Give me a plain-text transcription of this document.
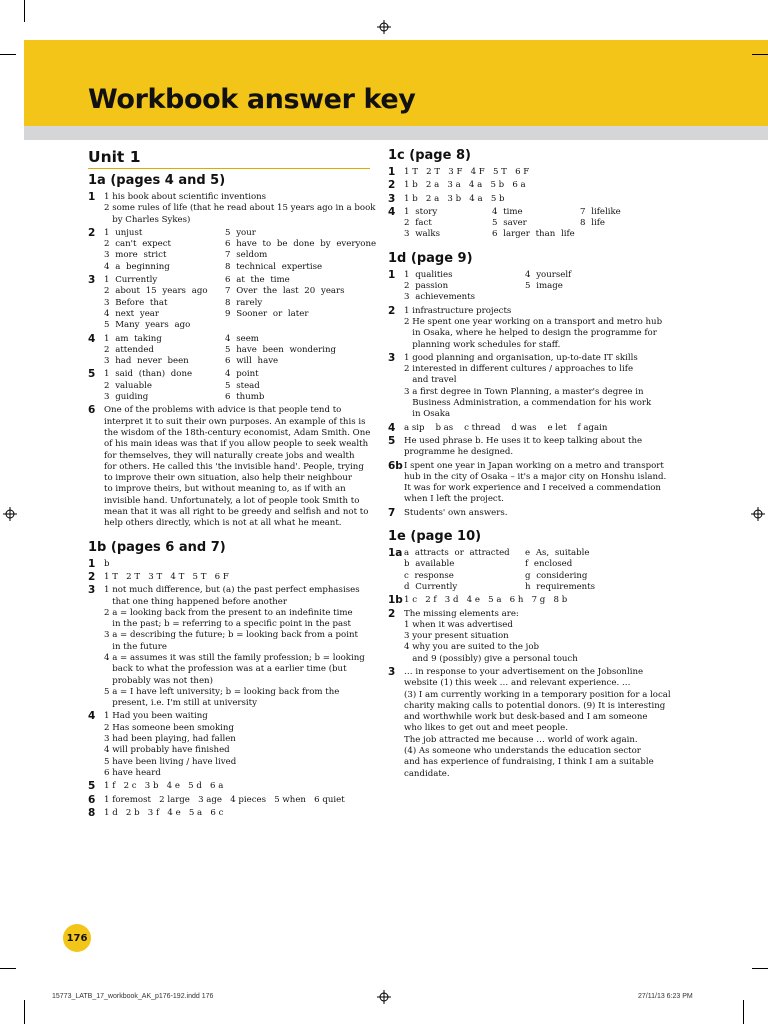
Workbook answer key
Unit 1
1a (pages 4 and 5)
1	1 his book about scientific inventions
2 some rules of life (that he read about 15 years ago in a book
by Charles Sykes)
2	1 unjust	5 your
2 can't expect	6 have to be done by everyone
3 more strict	7 seldom
4 a beginning	8 technical expertise
3	1 Currently	6 at the time
2 about 15 years ago	7 Over the last 20 years
3 Before that	8 rarely
4 next year	9 Sooner or later
5 Many years ago
4	1 am taking	4 seem
2 attended	5 have been wondering
3 had never been	6 will have
5	1 said (than) done	4 point
2 valuable	5 stead
3 guiding	6 thumb
6	One of the problems with advice is that people tend to
interpret it to suit their own purposes. An example of this is
the wisdom of the 18th-century economist, Adam Smith. One
of his main ideas was that if you allow people to seek wealth
for themselves, they will naturally create jobs and wealth
for others. He called this 'the invisible hand'. People, trying
to improve their own situation, also help their neighbour
to improve theirs, but without meaning to, as if with an
invisible hand. Unfortunately, a lot of people took Smith to
mean that it was all right to be greedy and selfish and not to
help others directly, which is not at all what he meant.
1b (pages 6 and 7)
1	b
2	1 T   2 T   3 T   4 T   5 T   6 F
3	1 not much difference, but (a) the past perfect emphasises
that one thing happened before another
2 a = looking back from the present to an indefinite time
in the past; b = referring to a specific point in the past
3 a = describing the future; b = looking back from a point
in the future
4 a = assumes it was still the family profession; b = looking
back to what the profession was at a earlier time (but
probably was not then)
5 a = I have left university; b = looking back from the
present, i.e. I'm still at university
4	1 Had you been waiting
2 Has someone been smoking
3 had been playing, had fallen
4 will probably have finished
5 have been living / have lived
6 have heard
5	1 f   2 c   3 b   4 e   5 d   6 a
6	1 foremost   2 large   3 age   4 pieces   5 when   6 quiet
8	1 d   2 b   3 f   4 e   5 a   6 c
1c (page 8)
1	1 T   2 T   3 F   4 F   5 T   6 F
2	1 b   2 a   3 a   4 a   5 b   6 a
3	1 b   2 a   3 b   4 a   5 b
4	1 story	4 time	7 lifelike
2 fact	5 saver	8 life
3 walks	6 larger than life
1d (page 9)
1	1 qualities	4 yourself
2 passion	5 image
3 achievements
2	1 infrastructure projects
2 He spent one year working on a transport and metro hub
in Osaka, where he helped to design the programme for
planning work schedules for staff.
3	1 good planning and organisation, up-to-date IT skills
2 interested in different cultures / approaches to life
and travel
3 a first degree in Town Planning, a master's degree in
Business Administration, a commendation for his work
in Osaka
4	a sip    b as    c thread    d was    e let    f again
5	He used phrase b. He uses it to keep talking about the
programme he designed.
6b I spent one year in Japan working on a metro and transport
hub in the city of Osaka – it's a major city on Honshu island.
It was for work experience and I received a commendation
when I left the project.
7	Students' own answers.
1e (page 10)
1a a attracts or attracted	e As, suitable
b available	f enclosed
c response	g considering
d Currently	h requirements
1b 1 c   2 f   3 d   4 e   5 a   6 h   7 g   8 b
2	The missing elements are:
1 when it was advertised
3 your present situation
4 why you are suited to the job
and 9 (possibly) give a personal touch
3	… in response to your advertisement on the Jobsonline
website (1) this week … and relevant experience. …
(3) I am currently working in a temporary position for a local
charity making calls to potential donors. (9) It is interesting
and worthwhile work but desk-based and I am someone
who likes to get out and meet people.
The job attracted me because … world of work again.
(4) As someone who understands the education sector
and has experience of fundraising, I think I am a suitable
candidate.
176
15773_LATB_17_workbook_AK_p176-192.indd 176	27/11/13 6:23 PM
